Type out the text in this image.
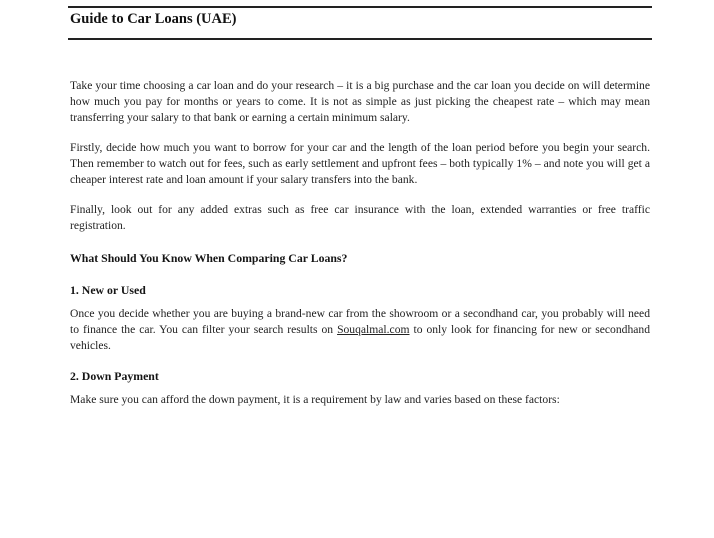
Guide to Car Loans (UAE)

Take your time choosing a car loan and do your research – it is a big purchase and the car loan you decide on will determine how much you pay for months or years to come. It is not as simple as just picking the cheapest rate – which may mean transferring your salary to that bank or earning a certain minimum salary.

Firstly, decide how much you want to borrow for your car and the length of the loan period before you begin your search. Then remember to watch out for fees, such as early settlement and upfront fees – both typically 1% – and note you will get a cheaper interest rate and loan amount if your salary transfers into the bank.

Finally, look out for any added extras such as free car insurance with the loan, extended warranties or free traffic registration.

What Should You Know When Comparing Car Loans?
1. New or Used

Once you decide whether you are buying a brand-new car from the showroom or a secondhand car, you probably will need to finance the car. You can filter your search results on Souqalmal.com to only look for financing for new or secondhand vehicles.

2. Down Payment

Make sure you can afford the down payment, it is a requirement by law and varies based on these factors:
